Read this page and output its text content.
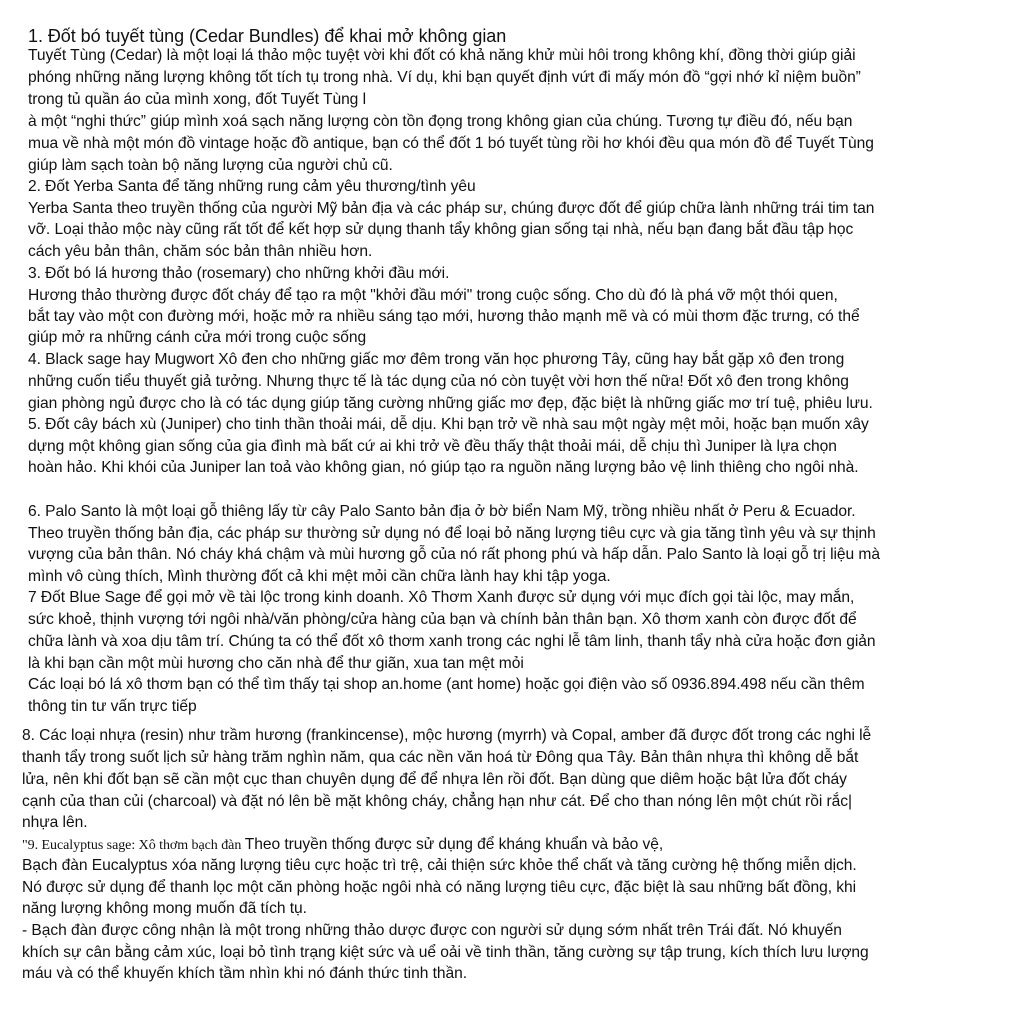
1. Đốt bó tuyết tùng (Cedar Bundles) để khai mở không gian
Tuyết Tùng (Cedar) là một loại lá thảo mộc tuyệt vời khi đốt có khả năng khử mùi hôi trong không khí, đồng thời giúp giải
phóng những năng lượng không tốt tích tụ trong nhà. Ví dụ, khi bạn quyết định vứt đi mấy món đồ “gợi nhớ kỉ niệm buồn”
trong tủ quần áo của mình xong, đốt Tuyết Tùng l
à một “nghi thức” giúp mình xoá sạch năng lượng còn tồn đọng trong không gian của chúng. Tương tự điều đó, nếu bạn
mua về nhà một món đồ vintage hoặc đồ antique, bạn có thể đốt 1 bó tuyết tùng rồi hơ khói đều qua món đồ để Tuyết Tùng
giúp làm sạch toàn bộ năng lượng của người chủ cũ.
2. Đốt Yerba Santa để tăng những rung cảm yêu thương/tình yêu
Yerba Santa theo truyền thống của người Mỹ bản địa và các pháp sư, chúng được đốt để giúp chữa lành những trái tim tan
vỡ. Loại thảo mộc này cũng rất tốt để kết hợp sử dụng thanh tẩy không gian sống tại nhà, nếu bạn đang bắt đầu tập học
cách yêu bản thân, chăm sóc bản thân nhiều hơn.
3. Đốt bó lá hương thảo (rosemary) cho những khởi đầu mới.
Hương thảo thường được đốt cháy để tạo ra một "khởi đầu mới" trong cuộc sống. Cho dù đó là phá vỡ một thói quen,
bắt tay vào một con đường mới, hoặc mở ra nhiều sáng tạo mới, hương thảo mạnh mẽ và có mùi thơm đặc trưng, có thể
giúp mở ra những cánh cửa mới trong cuộc sống
4. Black sage hay Mugwort Xô đen cho những giấc mơ đêm trong văn học phương Tây, cũng hay bắt gặp xô đen trong
những cuốn tiểu thuyết giả tưởng. Nhưng thực tế là tác dụng của nó còn tuyệt vời hơn thế nữa! Đốt xô đen trong không
gian phòng ngủ được cho là có tác dụng giúp tăng cường những giấc mơ đẹp, đặc biệt là những giấc mơ trí tuệ, phiêu lưu.
5. Đốt cây bách xù (Juniper) cho tinh thần thoải mái, dễ dịu. Khi bạn trở về nhà sau một ngày mệt mỏi, hoặc bạn muốn xây
dựng một không gian sống của gia đình mà bất cứ ai khi trở về đều thấy thật thoải mái, dễ chịu thì Juniper là lựa chọn
hoàn hảo. Khi khói của Juniper lan toả vào không gian, nó giúp tạo ra nguồn năng lượng bảo vệ linh thiêng cho ngôi nhà.
6. Palo Santo là một loại gỗ thiêng lấy từ cây Palo Santo bản địa ở bờ biển Nam Mỹ, trồng nhiều nhất ở Peru & Ecuador.
Theo truyền thống bản địa, các pháp sư thường sử dụng nó để loại bỏ năng lượng tiêu cực và gia tăng tình yêu và sự thịnh
vượng của bản thân. Nó cháy khá chậm và mùi hương gỗ của nó rất phong phú và hấp dẫn. Palo Santo là loại gỗ trị liệu mà
mình vô cùng thích, Mình thường đốt cả khi mệt mỏi cần chữa lành hay khi tập yoga.
7 Đốt Blue Sage để gọi mở về tài lộc trong kinh doanh. Xô Thơm Xanh được sử dụng với mục đích gọi tài lộc, may mắn,
sức khoẻ, thịnh vượng tới ngôi nhà/văn phòng/cửa hàng của bạn và chính bản thân bạn. Xô thơm xanh còn được đốt để
chữa lành và xoa dịu tâm trí. Chúng ta có thể đốt xô thơm xanh trong các nghi lễ tâm linh, thanh tẩy nhà cửa hoặc đơn giản
là khi bạn cần một mùi hương cho căn nhà để thư giãn, xua tan mệt mỏi
Các loại bó lá xô thơm bạn có thể tìm thấy tại shop an.home (ant home) hoặc gọi điện vào số 0936.894.498 nếu cần thêm
thông tin tư vấn trực tiếp
8. Các loại nhựa (resin) như trầm hương (frankincense), mộc hương (myrrh) và Copal, amber đã được đốt trong các nghi lễ
thanh tẩy trong suốt lịch sử hàng trăm nghìn năm, qua các nền văn hoá từ Đông qua Tây. Bản thân nhựa thì không dễ bắt
lửa, nên khi đốt bạn sẽ cần một cục than chuyên dụng để để nhựa lên rồi đốt. Bạn dùng que diêm hoặc bật lửa đốt cháy
cạnh của than củi (charcoal) và đặt nó lên bề mặt không cháy, chẳng hạn như cát. Để cho than nóng lên một chút rồi rắc|
nhựa lên.
"9. Eucalyptus sage: Xô thơm bạch đàn Theo truyền thống được sử dụng để kháng khuẩn và bảo vệ,
Bạch đàn Eucalyptus xóa năng lượng tiêu cực hoặc trì trệ, cải thiện sức khỏe thể chất và tăng cường hệ thống miễn dịch.
Nó được sử dụng để thanh lọc một căn phòng hoặc ngôi nhà có năng lượng tiêu cực, đặc biệt là sau những bất đồng, khi
năng lượng không mong muốn đã tích tụ.
- Bạch đàn được công nhận là một trong những thảo dược được con người sử dụng sớm nhất trên Trái đất. Nó khuyến
khích sự cân bằng cảm xúc, loại bỏ tình trạng kiệt sức và uể oải về tinh thần, tăng cường sự tập trung, kích thích lưu lượng
máu và có thể khuyến khích tầm nhìn khi nó đánh thức tinh thần.
